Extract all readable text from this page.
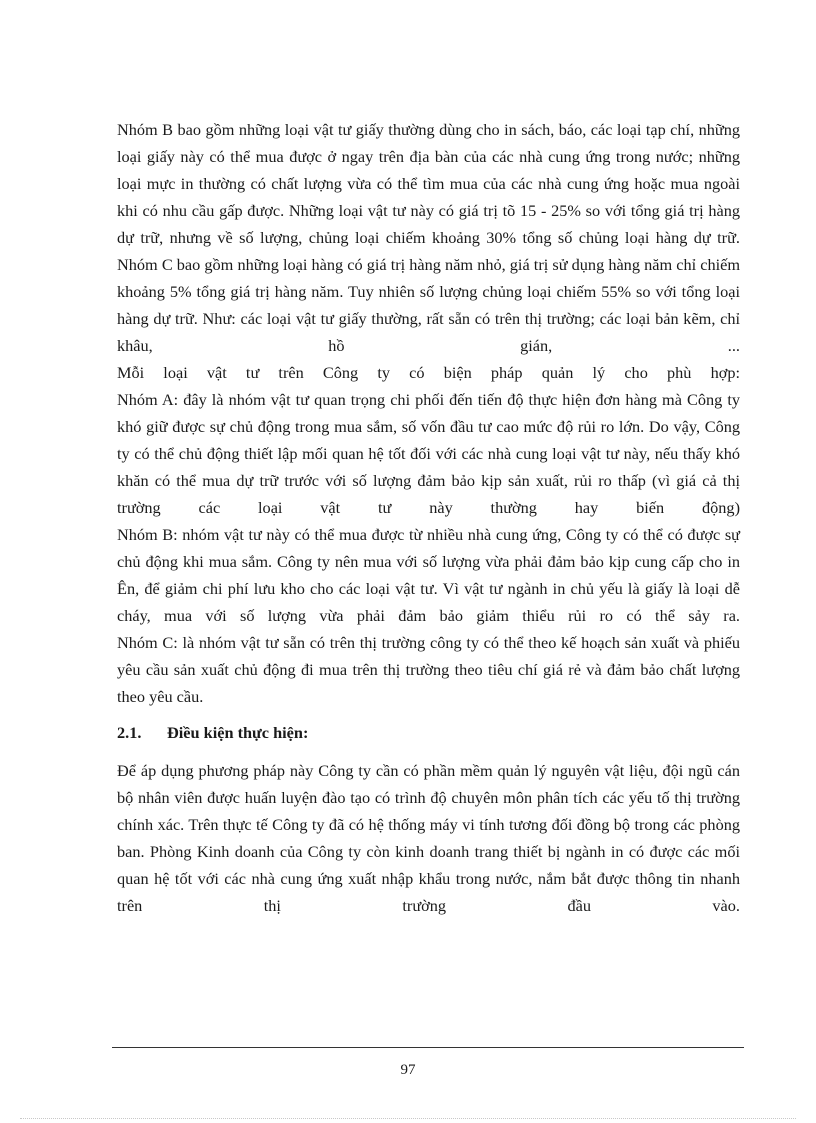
Nhóm B bao gồm những loại vật tư giấy thường dùng cho in sách, báo, các loại tạp chí, những loại giấy này có thể mua được ở ngay trên địa bàn của các nhà cung ứng trong nước; những loại mực in thường có chất lượng vừa có thể tìm mua của các nhà cung ứng hoặc mua ngoài khi có nhu cầu gấp được. Những loại vật tư này có giá trị tõ 15 - 25% so với tổng giá trị hàng dự trữ, nhưng về số lượng, chủng loại chiếm khoảng 30% tổng số chủng loại hàng dự trữ.

Nhóm C bao gồm những loại hàng có giá trị hàng năm nhỏ, giá trị sử dụng hàng năm chỉ chiếm khoảng 5% tổng giá trị hàng năm. Tuy nhiên số lượng chủng loại chiếm 55% so với tổng loại hàng dự trữ. Như: các loại vật tư giấy thường, rất sẵn có trên thị trường; các loại bản kẽm, chỉ khâu, hồ gián, ...

Mỗi loại vật tư trên Công ty có biện pháp quản lý cho phù hợp:

Nhóm A: đây là nhóm vật tư quan trọng chi phối đến tiến độ thực hiện đơn hàng mà Công ty khó giữ được sự chủ động trong mua sắm, số vốn đầu tư cao mức độ rủi ro lớn. Do vậy, Công ty có thể chủ động thiết lập mối quan hệ tốt đối với các nhà cung loại vật tư này, nếu thấy khó khăn có thể mua dự trữ trước với số lượng đảm bảo kịp sản xuất, rủi ro thấp (vì giá cả thị trường các loại vật tư này thường hay biến động)

Nhóm B: nhóm vật tư này có thể mua được từ nhiều nhà cung ứng, Công ty có thể có được sự chủ động khi mua sắm. Công ty nên mua với số lượng vừa phải đảm bảo kịp cung cấp cho in Ên, để giảm chi phí lưu kho cho các loại vật tư. Vì vật tư ngành in chủ yếu là giấy là loại dễ cháy, mua với số lượng vừa phải đảm bảo giảm thiểu rủi ro có thể sảy ra.

Nhóm C: là nhóm vật tư sẵn có trên thị trường công ty có thể theo kế hoạch sản xuất và phiếu yêu cầu sản xuất chủ động đi mua trên thị trường theo tiêu chí giá rẻ và đảm bảo chất lượng theo yêu cầu.

2.1. Điều kiện thực hiện:

Để áp dụng phương pháp này Công ty cần có phần mềm quản lý nguyên vật liệu, đội ngũ cán bộ nhân viên được huấn luyện đào tạo có trình độ chuyên môn phân tích các yếu tố thị trường chính xác. Trên thực tế Công ty đã có hệ thống máy vi tính tương đối đồng bộ trong các phòng ban. Phòng Kinh doanh của Công ty còn kinh doanh trang thiết bị ngành in có được các mối quan hệ tốt với các nhà cung ứng xuất nhập khẩu trong nước, nắm bắt được thông tin nhanh trên thị trường đầu vào.

97
